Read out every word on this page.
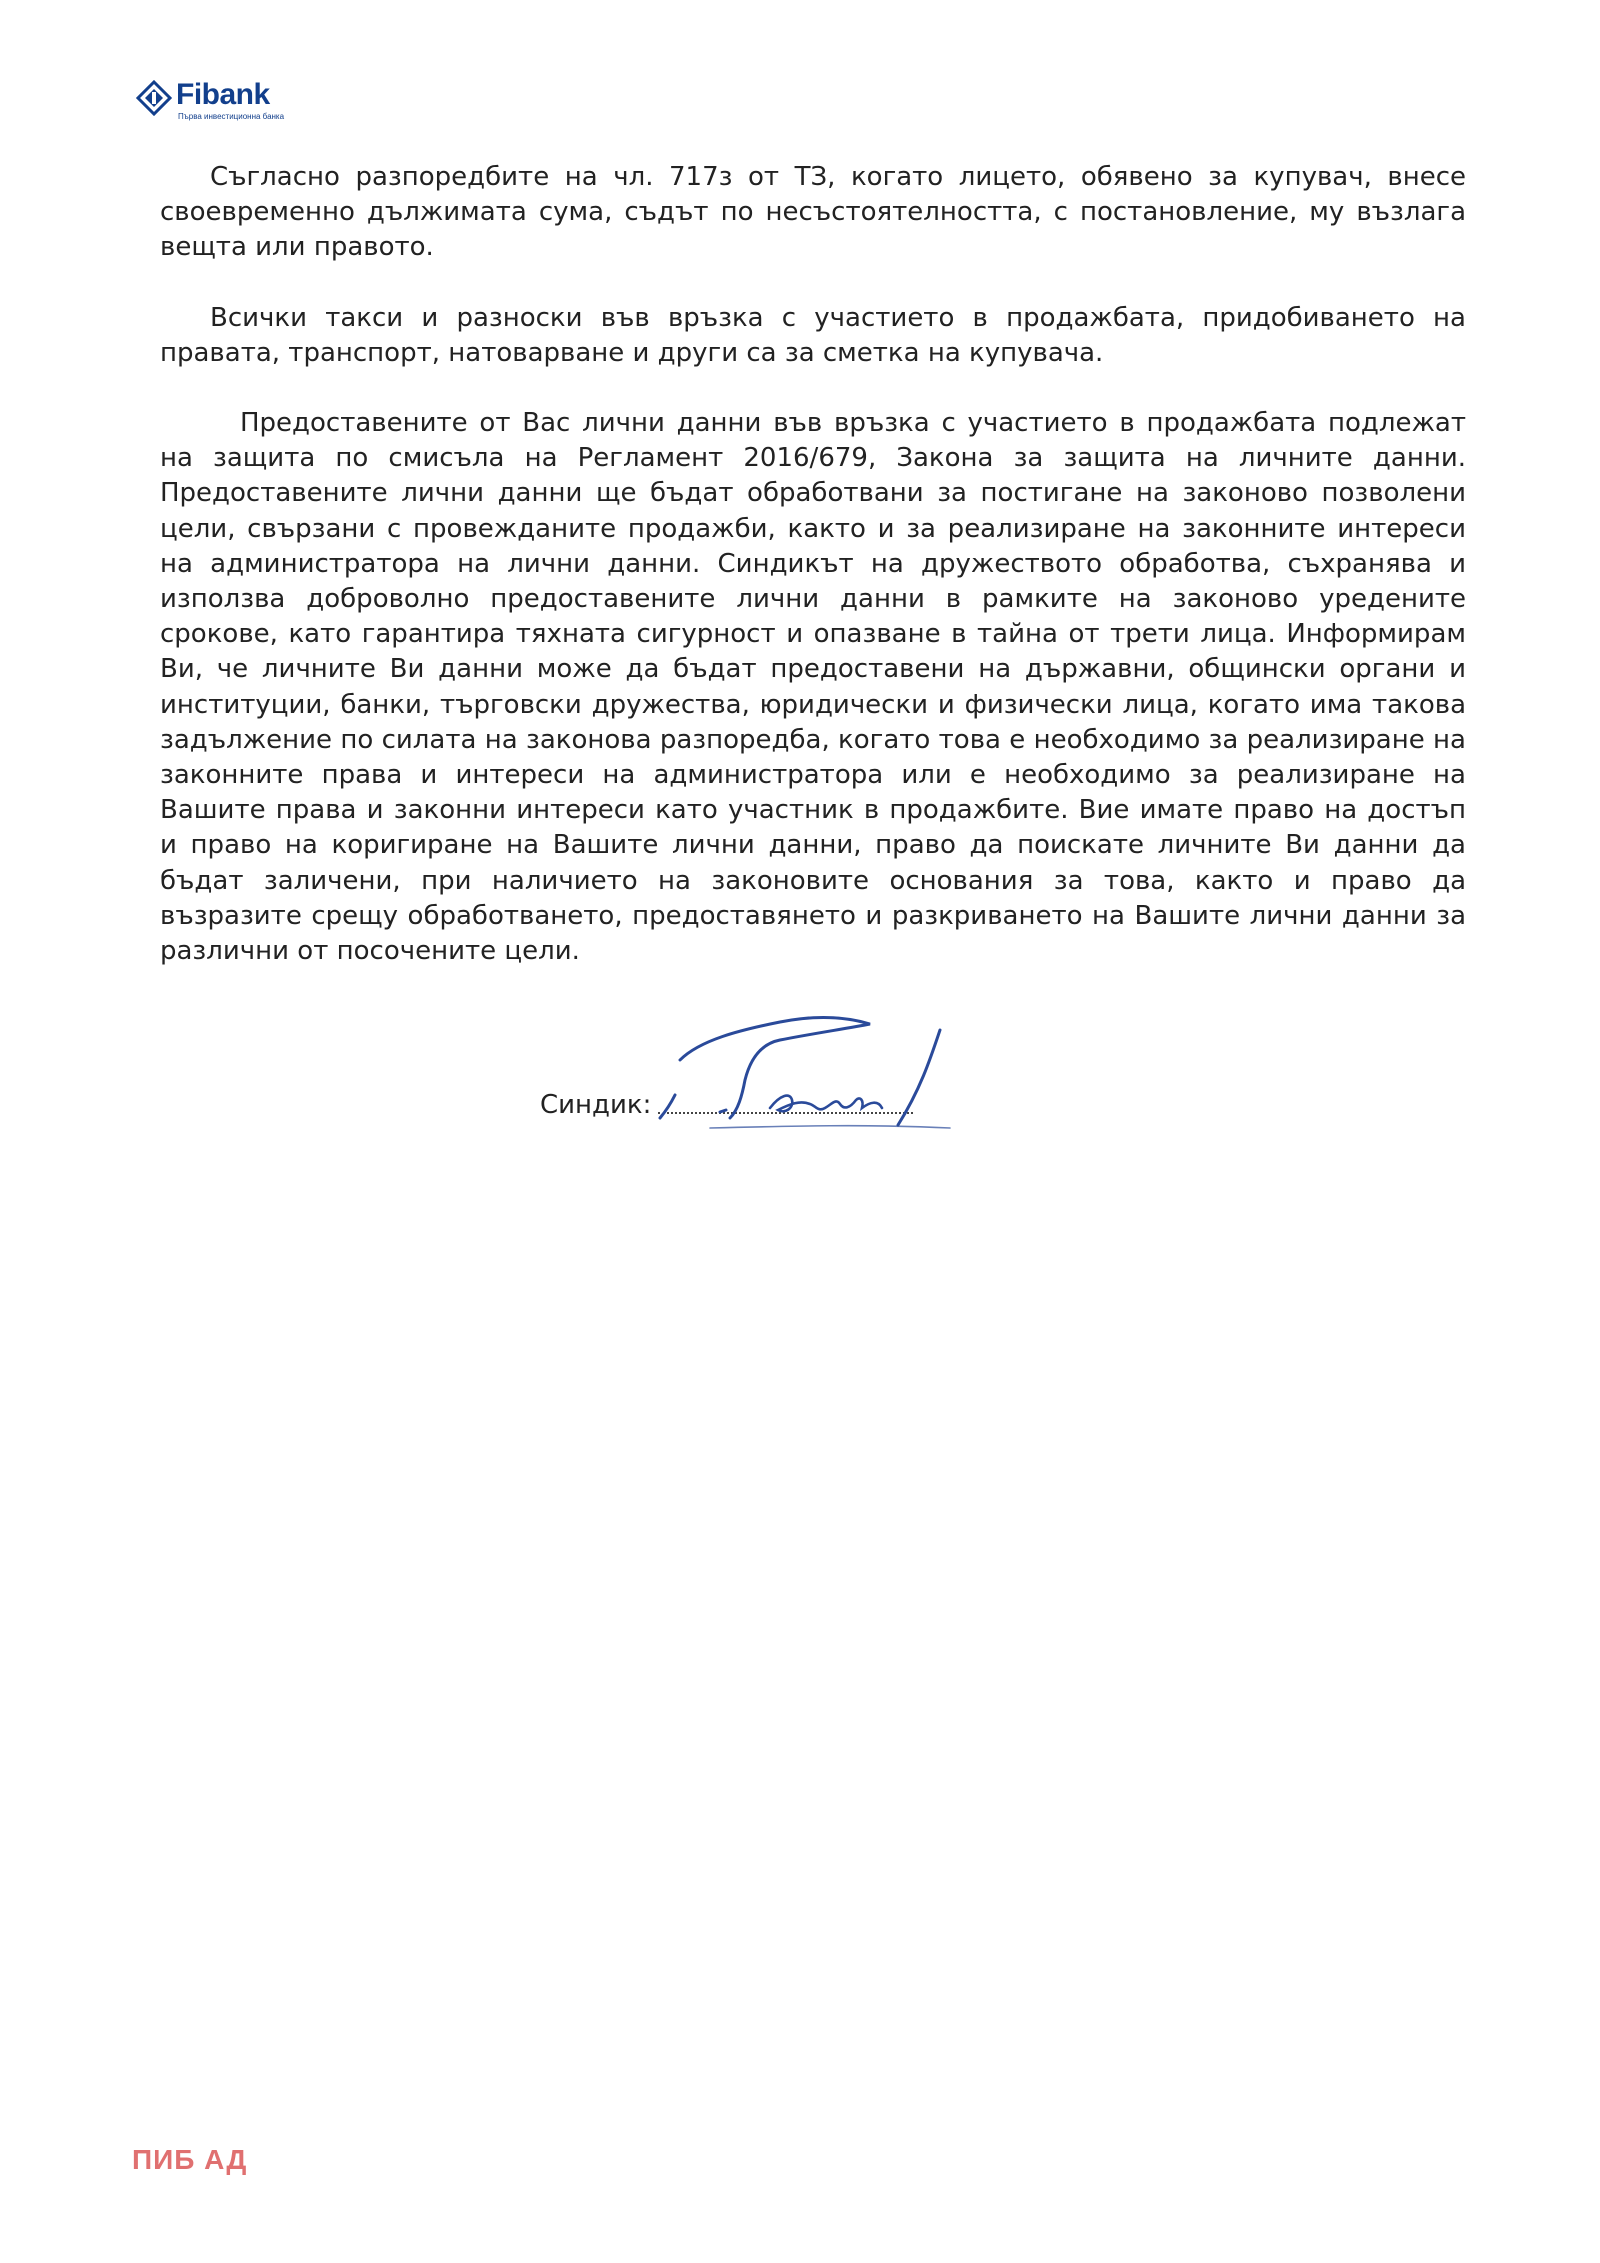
Fibank
Първа инвестиционна банка

Съгласно разпоредбите на чл. 717з от ТЗ, когато лицето, обявено за купувач, внесе своевременно дължимата сума, съдът по несъстоятелността, с постановление, му възлага вещта или правото.

Всички такси и разноски във връзка с участието в продажбата, придобиването на правата, транспорт, натоварване и други са за сметка на купувача.

Предоставените от Вас лични данни във връзка с участието в продажбата подлежат на защита по смисъла на Регламент 2016/679, Закона за защита на личните данни. Предоставените лични данни ще бъдат обработвани за постигане на законово позволени цели, свързани с провежданите продажби, както и за реализиране на законните интереси на администратора на лични данни. Синдикът на дружеството обработва, съхранява и използва доброволно предоставените лични данни в рамките на законово уредените срокове, като гарантира тяхната сигурност и опазване в тайна от трети лица. Информирам Ви, че личните Ви данни може да бъдат предоставени на държавни, общински органи и институции, банки, търговски дружества, юридически и физически лица, когато има такова задължение по силата на законова разпоредба, когато това е необходимо за реализиране на законните права и интереси на администратора или е необходимо за реализиране на Вашите права и законни интереси като участник в продажбите. Вие имате право на достъп и право на коригиране на Вашите лични данни, право да поискате личните Ви данни да бъдат заличени, при наличието на законовите основания за това, както и право да възразите срещу обработването, предоставянето и разкриването на Вашите лични данни за различни от посочените цели.

Синдик:
ПИБ АД
